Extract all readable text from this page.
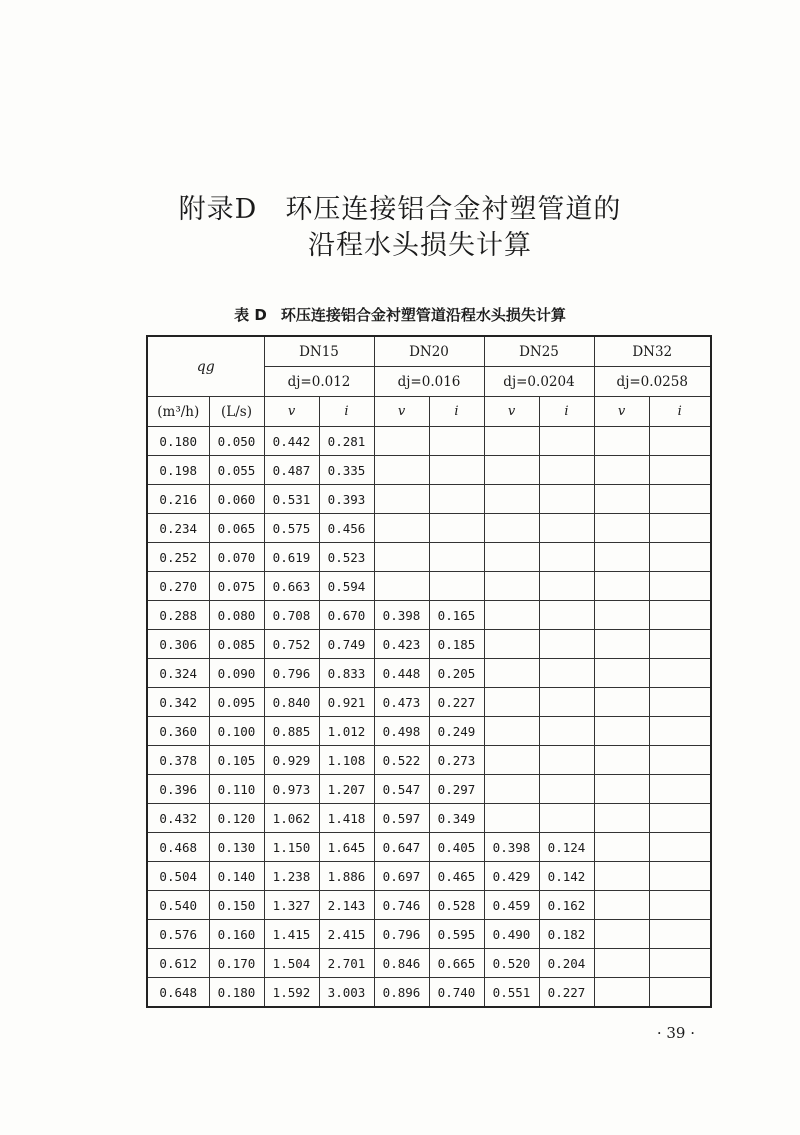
附录D　环压连接铝合金衬塑管道的
沿程水头损失计算
表 D 环压连接铝合金衬塑管道沿程水头损失计算
qg		DN15		DN20		DN25		DN32	
		dj=0.012		dj=0.016		dj=0.0204		dj=0.0258	
(m³/h)	(L/s)	v	i	v	i	v	i	v	i
0.180	0.050	0.442	0.281						
0.198	0.055	0.487	0.335						
0.216	0.060	0.531	0.393						
0.234	0.065	0.575	0.456						
0.252	0.070	0.619	0.523						
0.270	0.075	0.663	0.594						
0.288	0.080	0.708	0.670	0.398	0.165				
0.306	0.085	0.752	0.749	0.423	0.185				
0.324	0.090	0.796	0.833	0.448	0.205				
0.342	0.095	0.840	0.921	0.473	0.227				
0.360	0.100	0.885	1.012	0.498	0.249				
0.378	0.105	0.929	1.108	0.522	0.273				
0.396	0.110	0.973	1.207	0.547	0.297				
0.432	0.120	1.062	1.418	0.597	0.349				
0.468	0.130	1.150	1.645	0.647	0.405	0.398	0.124		
0.504	0.140	1.238	1.886	0.697	0.465	0.429	0.142		
0.540	0.150	1.327	2.143	0.746	0.528	0.459	0.162		
0.576	0.160	1.415	2.415	0.796	0.595	0.490	0.182		
0.612	0.170	1.504	2.701	0.846	0.665	0.520	0.204		
0.648	0.180	1.592	3.003	0.896	0.740	0.551	0.227		
· 39 ·
